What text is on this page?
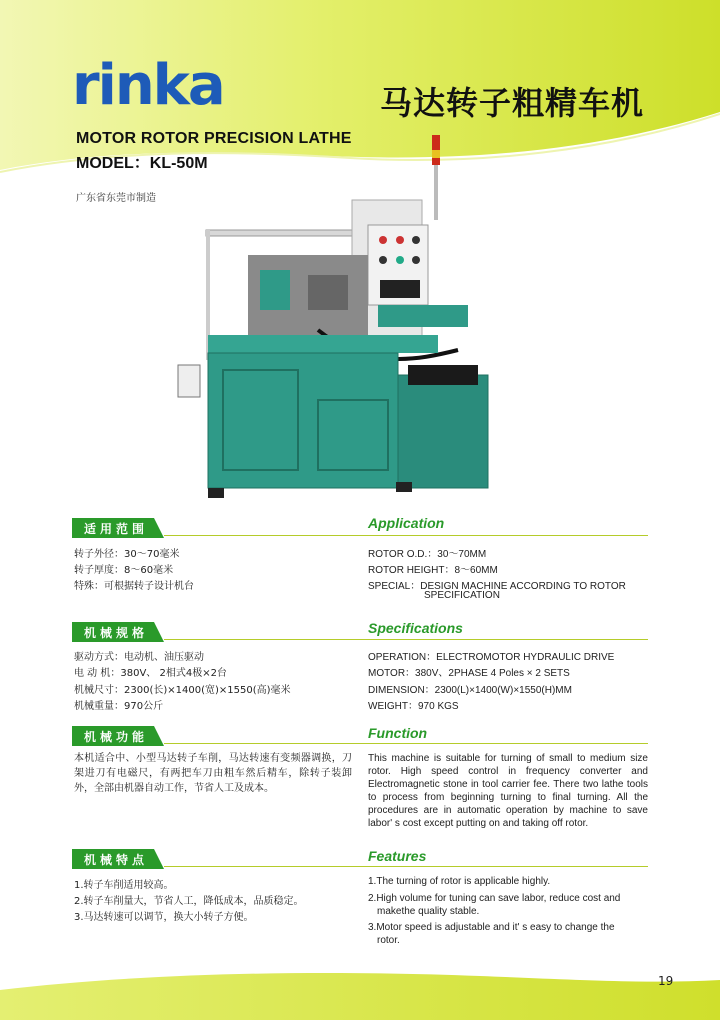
rinka	马达转子粗精车机
MOTOR ROTOR PRECISION LATHE
MODEL：KL-50M
广东省东莞市制造
适用范围	Application
转子外径：30～70毫米
转子厚度：8～60毫米
特殊：可根据转子设计机台
ROTOR O.D.：30～70MM
ROTOR HEIGHT：8～60MM
SPECIAL：DESIGN MACHINE ACCORDING TO ROTOR
SPECIFICATION
机械规格	Specifications
驱动方式：电动机、油压驱动
电 动 机：380V、 2相式4极×2台
机械尺寸：2300(长)×1400(宽)×1550(高)毫米
机械重量：970公斤
OPERATION：ELECTROMOTOR HYDRAULIC DRIVE
MOTOR：380V、2PHASE 4 Poles × 2 SETS
DIMENSION：2300(L)×1400(W)×1550(H)MM
WEIGHT：970 KGS
机械功能	Function
本机适合中、小型马达转子车削，马达转速有变频器调换，刀架进刀有电磁尺，有两把车刀由粗车然后精车，除转子装卸外，全部由机器自动工作，节省人工及成本。
This machine is suitable for turning of small to medium size rotor. High speed control in frequency converter and Electromagnetic stone in tool carrier fee. There two lathe tools to process from beginning turning to final turning. All the procedures are in automatic operation by machine to save labor' s cost except putting on and taking off rotor.
机械特点	Features
1.转子车削适用较高。
2.转子车削量大，节省人工，降低成本，品质稳定。
3.马达转速可以调节，换大小转子方便。
1.The turning of rotor is applicable highly.
2.High volume for tuning can save labor, reduce cost and
makethe quality stable.
3.Motor speed is adjustable and it' s easy to change the
rotor.
19
